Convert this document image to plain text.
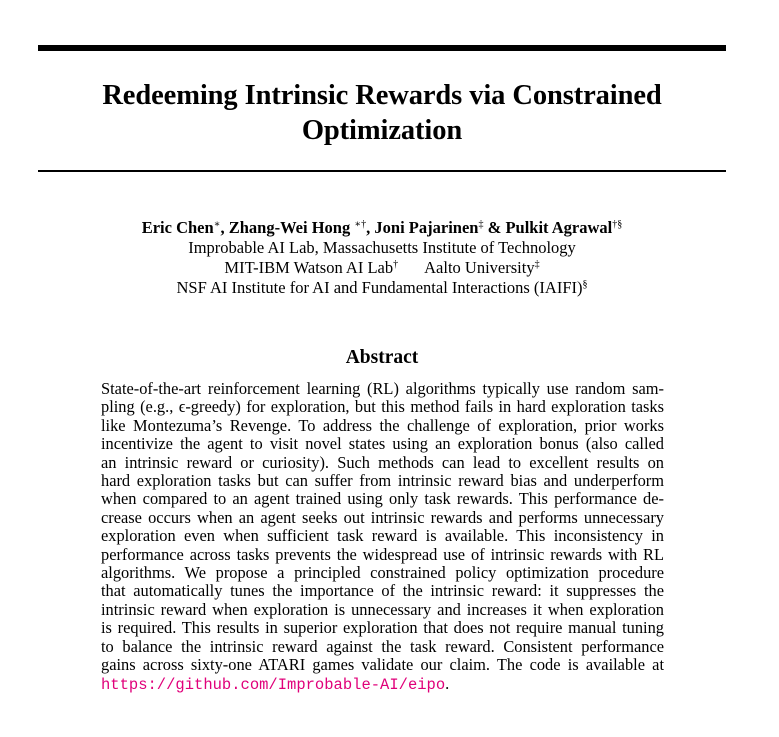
Redeeming Intrinsic Rewards via Constrained
Optimization
Eric Chen∗, Zhang-Wei Hong ∗†, Joni Pajarinen‡ & Pulkit Agrawal†§
Improbable AI Lab, Massachusetts Institute of Technology
MIT-IBM Watson AI Lab† Aalto University‡
NSF AI Institute for AI and Fundamental Interactions (IAIFI)§
Abstract
State-of-the-art reinforcement learning (RL) algorithms typically use random sam-
pling (e.g., ϵ-greedy) for exploration, but this method fails in hard exploration tasks
like Montezuma’s Revenge. To address the challenge of exploration, prior works
incentivize the agent to visit novel states using an exploration bonus (also called
an intrinsic reward or curiosity). Such methods can lead to excellent results on
hard exploration tasks but can suffer from intrinsic reward bias and underperform
when compared to an agent trained using only task rewards. This performance de-
crease occurs when an agent seeks out intrinsic rewards and performs unnecessary
exploration even when sufficient task reward is available. This inconsistency in
performance across tasks prevents the widespread use of intrinsic rewards with RL
algorithms. We propose a principled constrained policy optimization procedure
that automatically tunes the importance of the intrinsic reward: it suppresses the
intrinsic reward when exploration is unnecessary and increases it when exploration
is required. This results in superior exploration that does not require manual tuning
to balance the intrinsic reward against the task reward. Consistent performance
gains across sixty-one ATARI games validate our claim. The code is available at
https://github.com/Improbable-AI/eipo.
